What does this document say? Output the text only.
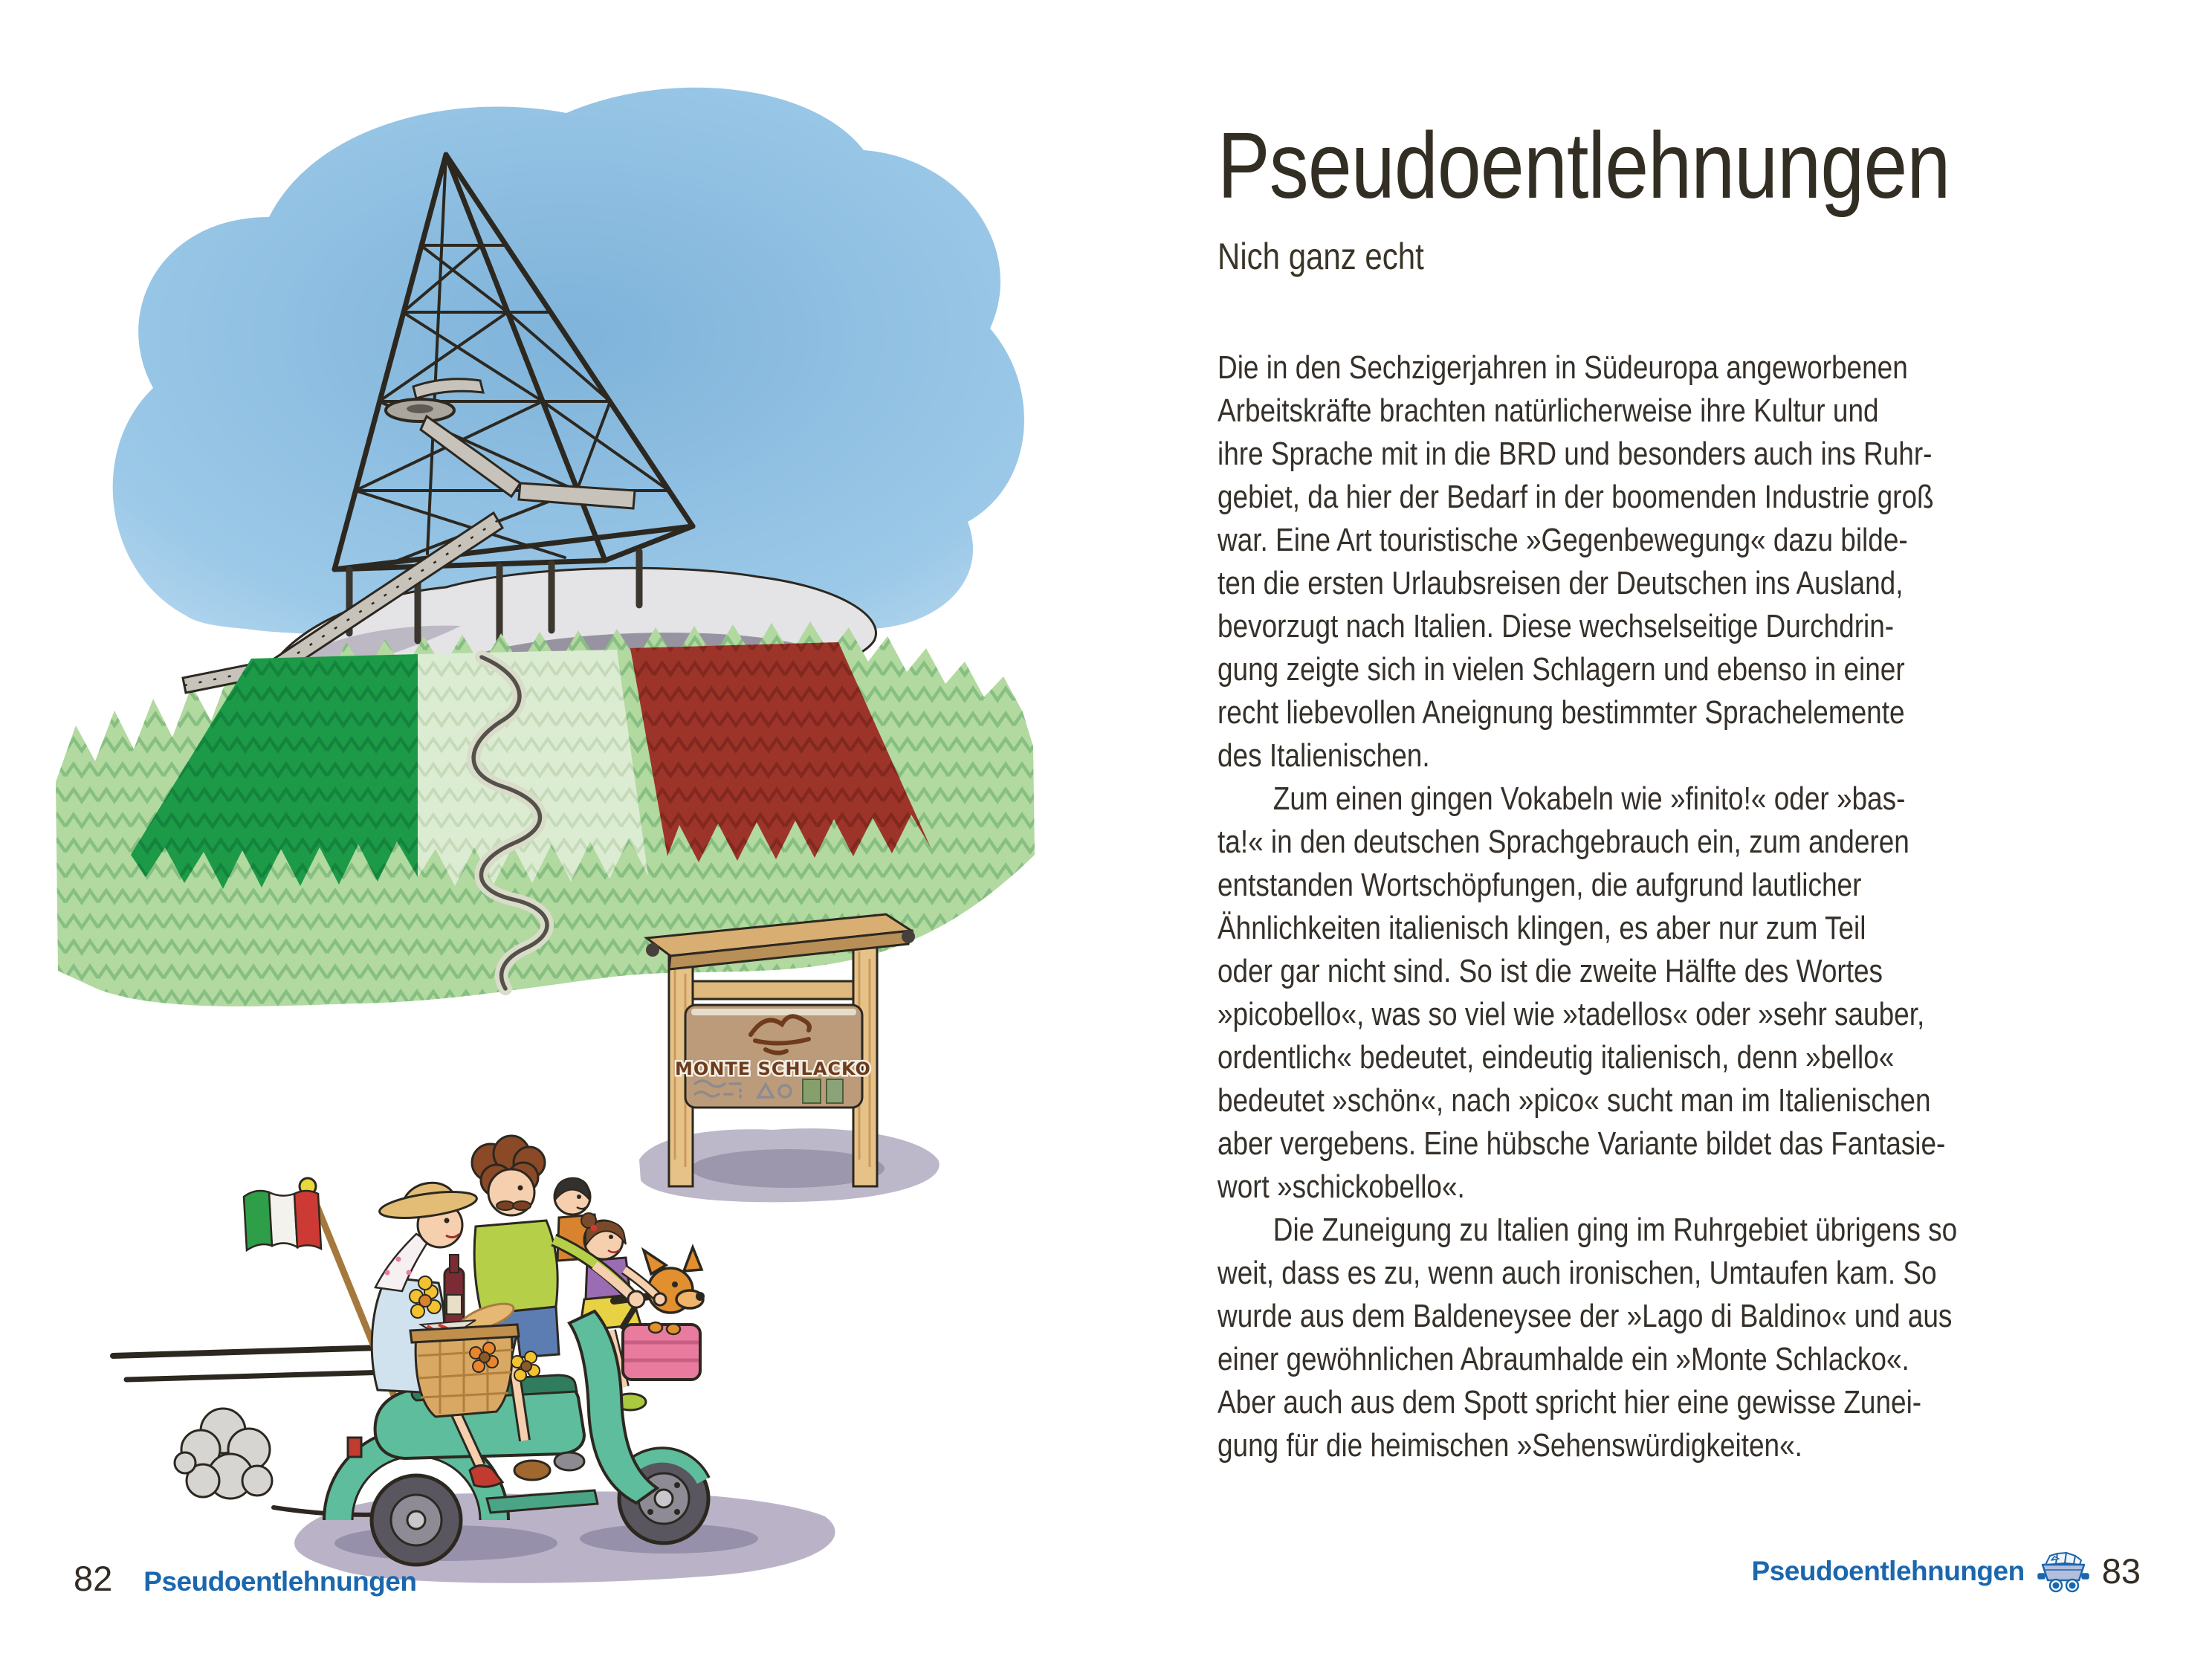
MONTE SCHLACKO
82 Pseudoentlehnungen
Pseudoentlehnungen
Nich ganz echt
Die in den Sechzigerjahren in Südeuropa angeworbenen
Arbeitskräfte brachten natürlicherweise ihre Kultur und
ihre Sprache mit in die BRD und besonders auch ins Ruhr-
gebiet, da hier der Bedarf in der boomenden Industrie groß
war. Eine Art touristische »Gegenbewegung« dazu bilde-
ten die ersten Urlaubsreisen der Deutschen ins Ausland,
bevorzugt nach Italien. Diese wechselseitige Durchdrin-
gung zeigte sich in vielen Schlagern und ebenso in einer
recht liebevollen Aneignung bestimmter Sprachelemente
des Italienischen.
Zum einen gingen Vokabeln wie »finito!« oder »bas-
ta!« in den deutschen Sprachgebrauch ein, zum anderen
entstanden Wortschöpfungen, die aufgrund lautlicher
Ähnlichkeiten italienisch klingen, es aber nur zum Teil
oder gar nicht sind. So ist die zweite Hälfte des Wortes
»picobello«, was so viel wie »tadellos« oder »sehr sauber,
ordentlich« bedeutet, eindeutig italienisch, denn »bello«
bedeutet »schön«, nach »pico« sucht man im Italienischen
aber vergebens. Eine hübsche Variante bildet das Fantasie-
wort »schickobello«.
Die Zuneigung zu Italien ging im Ruhrgebiet übrigens so
weit, dass es zu, wenn auch ironischen, Umtaufen kam. So
wurde aus dem Baldeneysee der »Lago di Baldino« und aus
einer gewöhnlichen Abraumhalde ein »Monte Schlacko«.
Aber auch aus dem Spott spricht hier eine gewisse Zunei-
gung für die heimischen »Sehenswürdigkeiten«.
Pseudoentlehnungen 83
